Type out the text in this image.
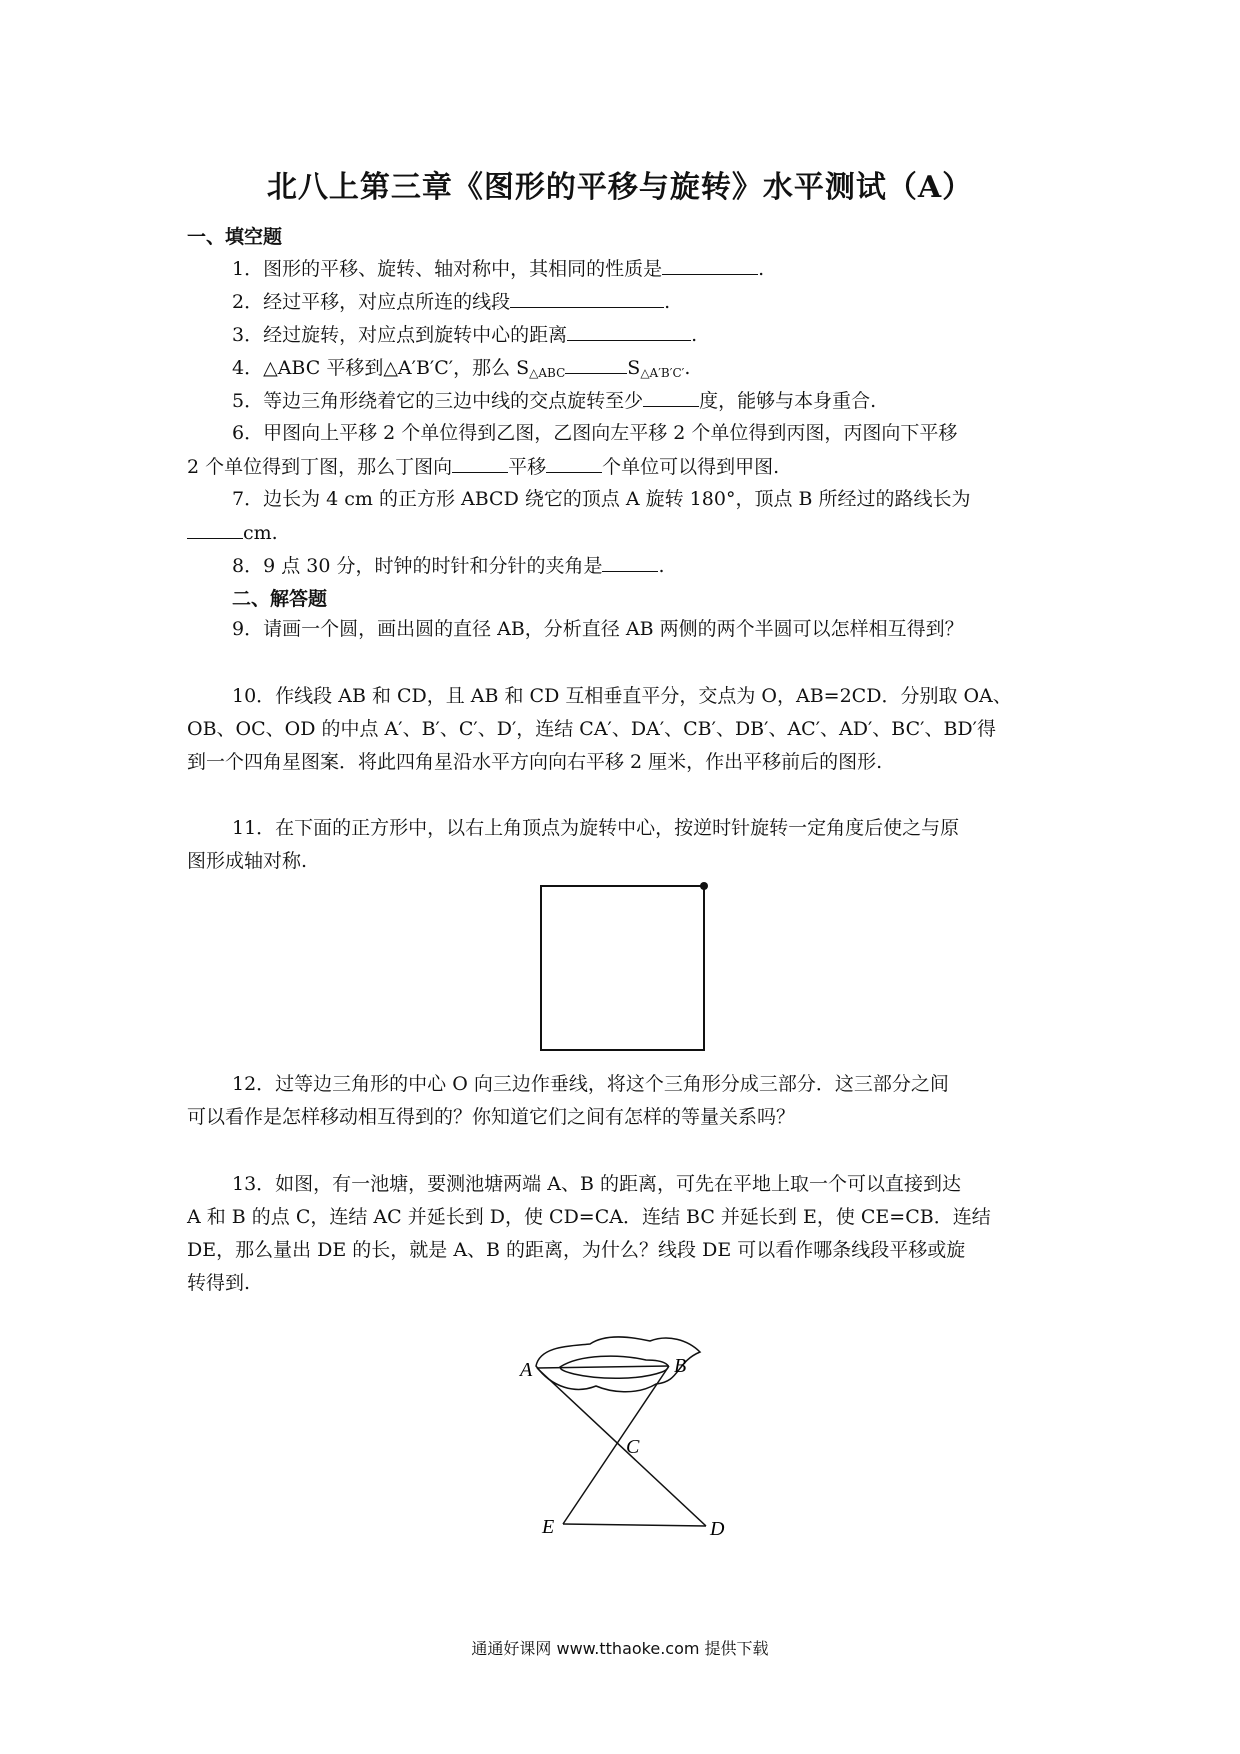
北八上第三章《图形的平移与旋转》水平测试（A）
一、填空题
1．图形的平移、旋转、轴对称中，其相同的性质是	.
2．经过平移，对应点所连的线段	.
3．经过旋转，对应点到旋转中心的距离	.
4．△ABC 平移到△A′B′C′，那么 $S_{\triangle ABC}$	$S_{\triangle A'B'C'}$.
5．等边三角形绕着它的三边中线的交点旋转至少	度，能够与本身重合.
6．甲图向上平移 2 个单位得到乙图，乙图向左平移 2 个单位得到丙图，丙图向下平移
2 个单位得到丁图，那么丁图向	平移	个单位可以得到甲图.
7．边长为 4 cm 的正方形 ABCD 绕它的顶点 A 旋转 180°，顶点 B 所经过的路线长为
cm.
8．9 点 30 分，时钟的时针和分针的夹角是	.
二、解答题
9．请画一个圆，画出圆的直径 AB，分析直径 AB 两侧的两个半圆可以怎样相互得到？
10．作线段 AB 和 CD，且 AB 和 CD 互相垂直平分，交点为 O，AB=2CD．分别取 OA、
OB、OC、OD 的中点 A′、B′、C′、D′，连结 CA′、DA′、CB′、DB′、AC′、AD′、BC′、BD′得
到一个四角星图案．将此四角星沿水平方向向右平移 2 厘米，作出平移前后的图形.
11．在下面的正方形中，以右上角顶点为旋转中心，按逆时针旋转一定角度后使之与原
图形成轴对称.
12．过等边三角形的中心 O 向三边作垂线，将这个三角形分成三部分．这三部分之间
可以看作是怎样移动相互得到的？你知道它们之间有怎样的等量关系吗？
13．如图，有一池塘，要测池塘两端 A、B 的距离，可先在平地上取一个可以直接到达
A 和 B 的点 C，连结 AC 并延长到 D，使 CD=CA．连结 BC 并延长到 E，使 CE=CB．连结
DE，那么量出 DE 的长，就是 A、B 的距离，为什么？线段 DE 可以看作哪条线段平移或旋
转得到.
A	B
C
D
E
通通好课网 www.tthaoke.com 提供下载
